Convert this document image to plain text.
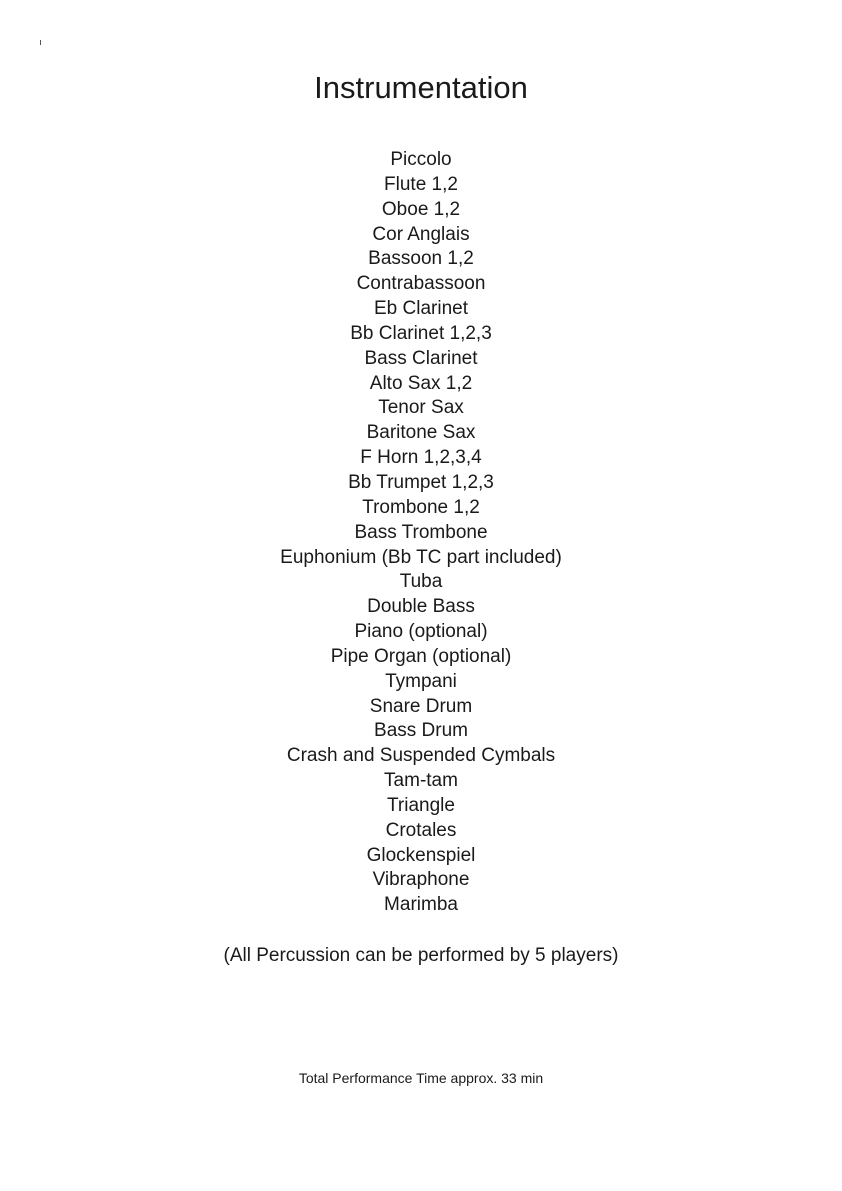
Instrumentation
Piccolo
Flute 1,2
Oboe 1,2
Cor Anglais
Bassoon 1,2
Contrabassoon
Eb Clarinet
Bb Clarinet 1,2,3
Bass Clarinet
Alto Sax 1,2
Tenor Sax
Baritone Sax
F Horn 1,2,3,4
Bb Trumpet 1,2,3
Trombone 1,2
Bass Trombone
Euphonium (Bb TC part included)
Tuba
Double Bass
Piano (optional)
Pipe Organ (optional)
Tympani
Snare Drum
Bass Drum
Crash and Suspended Cymbals
Tam-tam
Triangle
Crotales
Glockenspiel
Vibraphone
Marimba
(All Percussion can be performed by 5 players)
Total Performance Time approx. 33 min
